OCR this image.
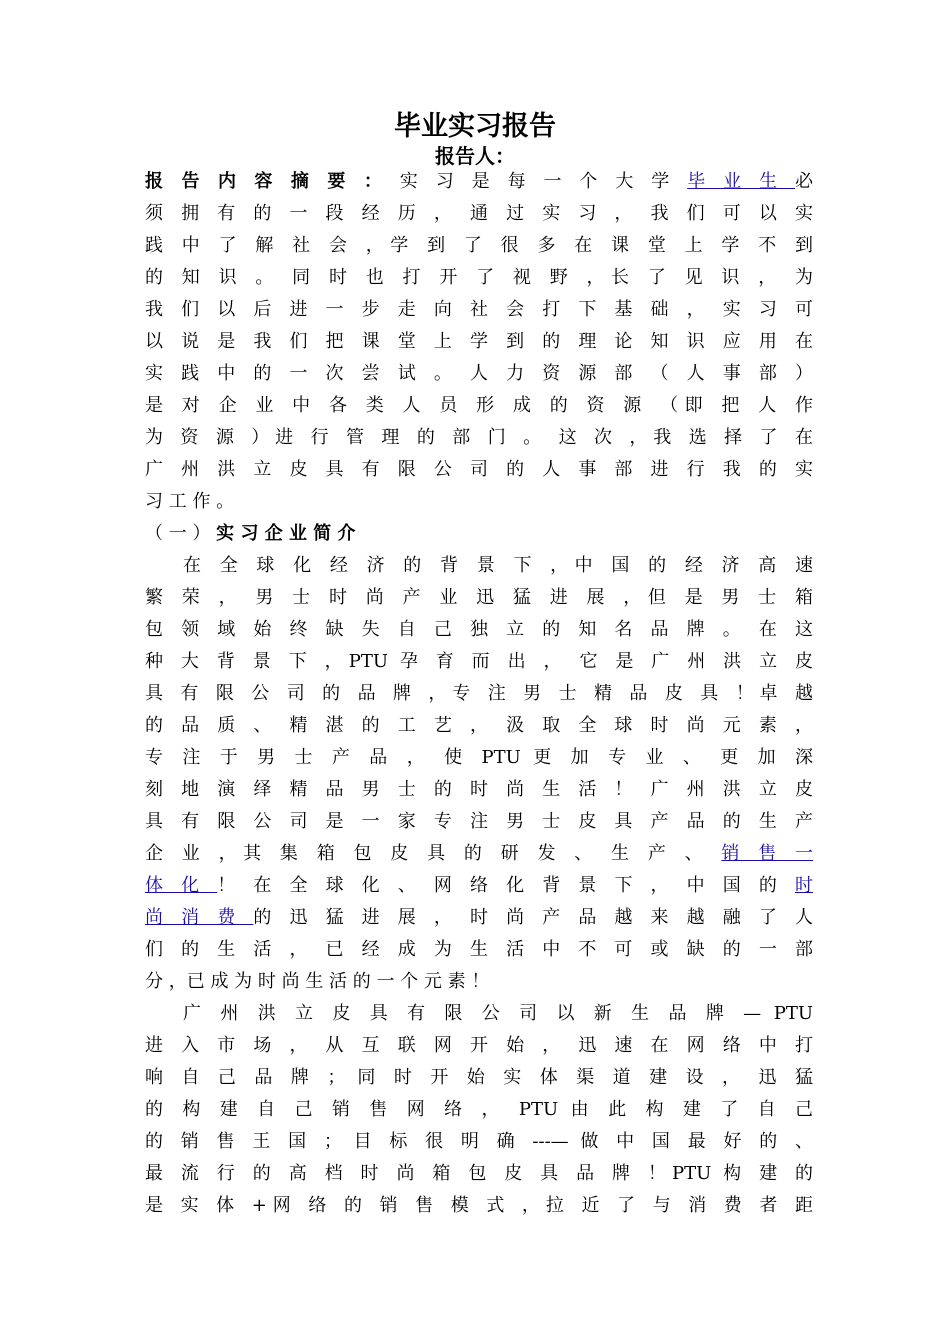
毕业实习报告
报告人：
报 告 内 容 摘 要 ： 实 习 是 每 一 个 大 学 毕 业 生 必
须 拥 有 的 一 段 经 历 ， 通 过 实 习 ， 我 们 可 以 实
践 中 了 解 社 会 ，学 到 了 很 多 在 课 堂 上 学 不 到
的 知 识 。 同 时 也 打 开 了 视 野 ，长 了 见 识 ， 为
我 们 以 后 进 一 步 走 向 社 会 打 下 基 础 ， 实 习 可
以 说 是 我 们 把 课 堂 上 学 到 的 理 论 知 识 应 用 在
实 践 中 的 一 次 尝 试 。 人 力 资 源 部 （ 人 事 部 ）
是 对 企 业 中 各 类 人 员 形 成 的 资 源 （即 把 人 作
为 资 源 ）进 行 管 理 的 部 门 。 这 次 ，我 选 择 了 在
广 州 洪 立 皮 具 有 限 公 司 的 人 事 部 进 行 我 的 实
习 工 作 。
（ 一 ） 实 习 企 业 简 介
在 全 球 化 经 济 的 背 景 下 ，中 国 的 经 济 高 速
繁 荣 ， 男 士 时 尚 产 业 迅 猛 进 展 ，但 是 男 士 箱
包 领 域 始 终 缺 失 自 己 独 立 的 知 名 品 牌 。 在 这
种 大 背 景 下 ，PTU 孕 育 而 出 ， 它 是 广 州 洪 立 皮
具 有 限 公 司 的 品 牌 ，专 注 男 士 精 品 皮 具 ！卓 越
的 品 质 、 精 湛 的 工 艺 ， 汲 取 全 球 时 尚 元 素 ，
专 注 于 男 士 产 品 ， 使 PTU 更 加 专 业 、 更 加 深
刻 地 演 绎 精 品 男 士 的 时 尚 生 活 ！ 广 州 洪 立 皮
具 有 限 公 司 是 一 家 专 注 男 士 皮 具 产 品 的 生 产
企 业 ，其 集 箱 包 皮 具 的 研 发 、 生 产 、 销 售 一
体 化 ！ 在 全 球 化 、 网 络 化 背 景 下 ， 中 国 的 时
尚 消 费 的 迅 猛 进 展 ， 时 尚 产 品 越 来 越 融 了 人
们 的 生 活 ， 已 经 成 为 生 活 中 不 可 或 缺 的 一 部
分 ，已 成 为 时 尚 生 活 的 一 个 元 素 ！
广 州 洪 立 皮 具 有 限 公 司 以 新 生 品 牌 — PTU
进 入 市 场 ， 从 互 联 网 开 始 ， 迅 速 在 网 络 中 打
响 自 己 品 牌 ； 同 时 开 始 实 体 渠 道 建 设 ， 迅 猛
的 构 建 自 己 销 售 网 络 ， PTU 由 此 构 建 了 自 己
的 销 售 王 国 ； 目 标 很 明 确 ---— 做 中 国 最 好 的 、
最 流 行 的 高 档 时 尚 箱 包 皮 具 品 牌 ！PTU 构 建 的
是 实 体 +网 络 的 销 售 模 式 ，拉 近 了 与 消 费 者 距
